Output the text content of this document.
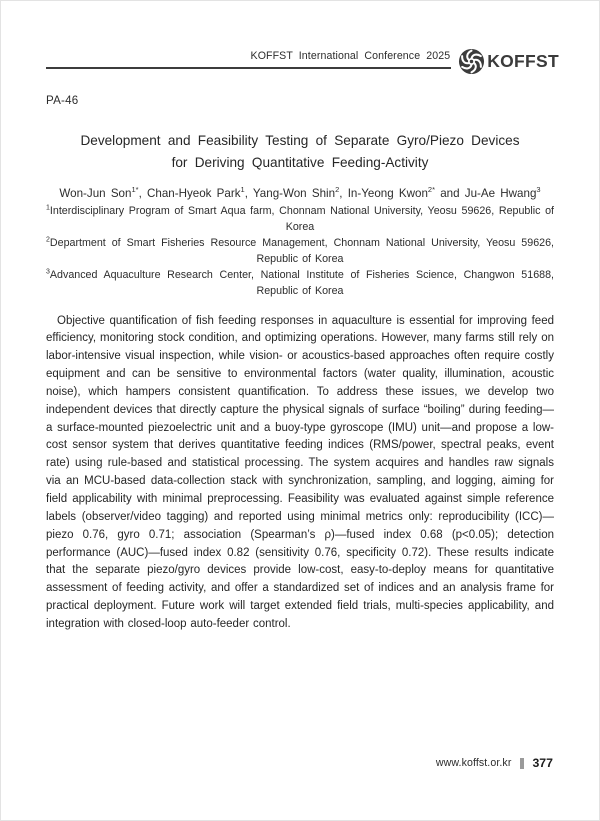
KOFFST International Conference 2025 KOFFST
PA-46
Development and Feasibility Testing of Separate Gyro/Piezo Devices
for Deriving Quantitative Feeding-Activity
Won-Jun Son$^{1*}$, Chan-Hyeok Park$^1$, Yang-Won Shin$^2$, In-Yeong Kwon$^{2*}$ and Ju-Ae Hwang$^3$

$^1$Interdisciplinary Program of Smart Aqua farm, Chonnam National University, Yeosu 59626, Republic of Korea

$^2$Department of Smart Fisheries Resource Management, Chonnam National University, Yeosu 59626, Republic of Korea

$^3$Advanced Aquaculture Research Center, National Institute of Fisheries Science, Changwon 51688, Republic of Korea

Objective quantification of fish feeding responses in aquaculture is essential for improving feed efficiency, monitoring stock condition, and optimizing operations. However, many farms still rely on labor-intensive visual inspection, while vision- or acoustics-based approaches often require costly equipment and can be sensitive to environmental factors (water quality, illumination, acoustic noise), which hampers consistent quantification. To address these issues, we develop two independent devices that directly capture the physical signals of surface “boiling” during feeding—a surface-mounted piezoelectric unit and a buoy-type gyroscope (IMU) unit—and propose a low-cost sensor system that derives quantitative feeding indices (RMS/power, spectral peaks, event rate) using rule-based and statistical processing. The system acquires and handles raw signals via an MCU-based data-collection stack with synchronization, sampling, and logging, aiming for field applicability with minimal preprocessing. Feasibility was evaluated against simple reference labels (observer/video tagging) and reported using minimal metrics only: reproducibility (ICC)—piezo 0.76, gyro 0.71; association (Spearman’s ρ)—fused index 0.68 (p<0.05); detection performance (AUC)—fused index 0.82 (sensitivity 0.76, specificity 0.72). These results indicate that the separate piezo/gyro devices provide low-cost, easy-to-deploy means for quantitative assessment of feeding activity, and offer a standardized set of indices and an analysis frame for practical deployment. Future work will target extended field trials, multi-species applicability, and integration with closed-loop auto-feeder control.

www.koffst.or.kr 377
